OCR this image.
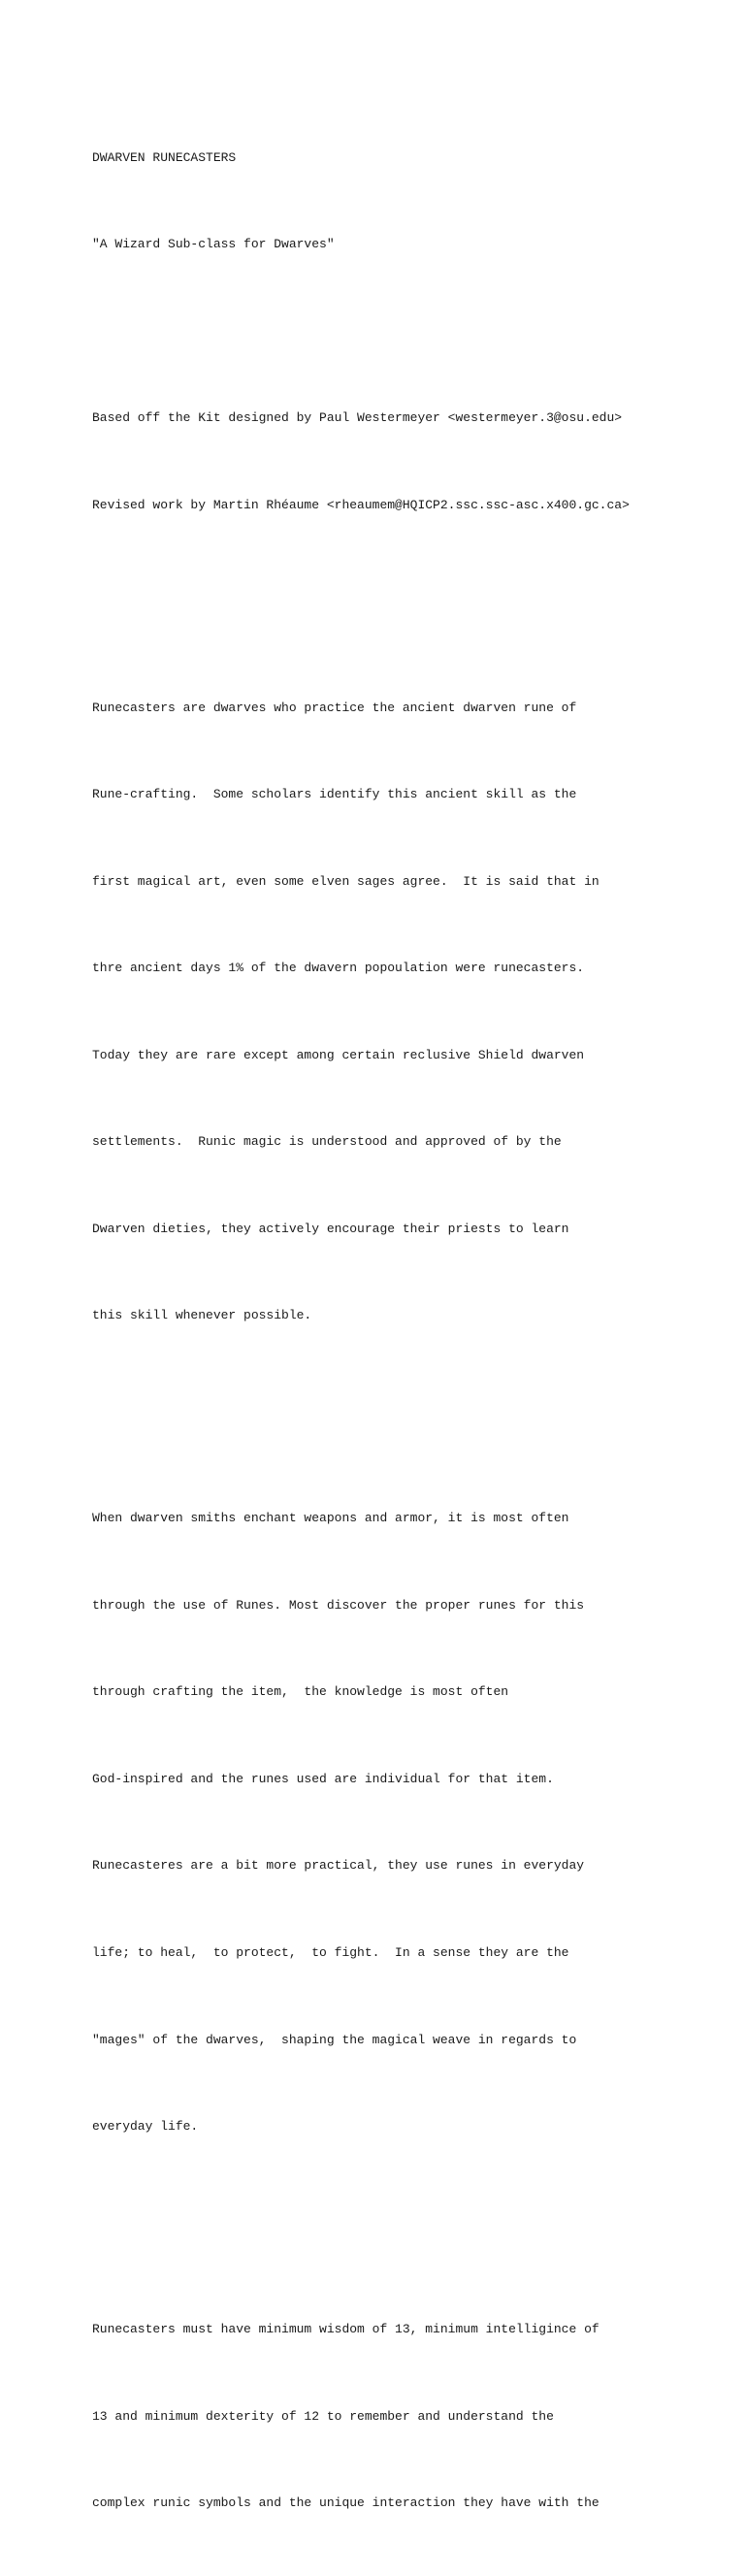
DWARVEN RUNECASTERS

"A Wizard Sub-class for Dwarves"

Based off the Kit designed by Paul Westermeyer <westermeyer.3@osu.edu>

Revised work by Martin Rhéaume <rheaumem@HQICP2.ssc.ssc-asc.x400.gc.ca>

Runecasters are dwarves who practice the ancient dwarven rune of

Rune-crafting.  Some scholars identify this ancient skill as the

first magical art, even some elven sages agree.  It is said that in

thre ancient days 1% of the dwavern popoulation were runecasters.

Today they are rare except among certain reclusive Shield dwarven

settlements.  Runic magic is understood and approved of by the

Dwarven dieties, they actively encourage their priests to learn

this skill whenever possible.

When dwarven smiths enchant weapons and armor, it is most often

through the use of Runes. Most discover the proper runes for this

through crafting the item,  the knowledge is most often

God-inspired and the runes used are individual for that item.

Runecasteres are a bit more practical, they use runes in everyday

life; to heal,  to protect,  to fight.  In a sense they are the

"mages" of the dwarves,  shaping the magical weave in regards to

everyday life.

Runecasters must have minimum wisdom of 13, minimum intelligince of

13 and minimum dexterity of 12 to remember and understand the

complex runic symbols and the unique interaction they have with the
